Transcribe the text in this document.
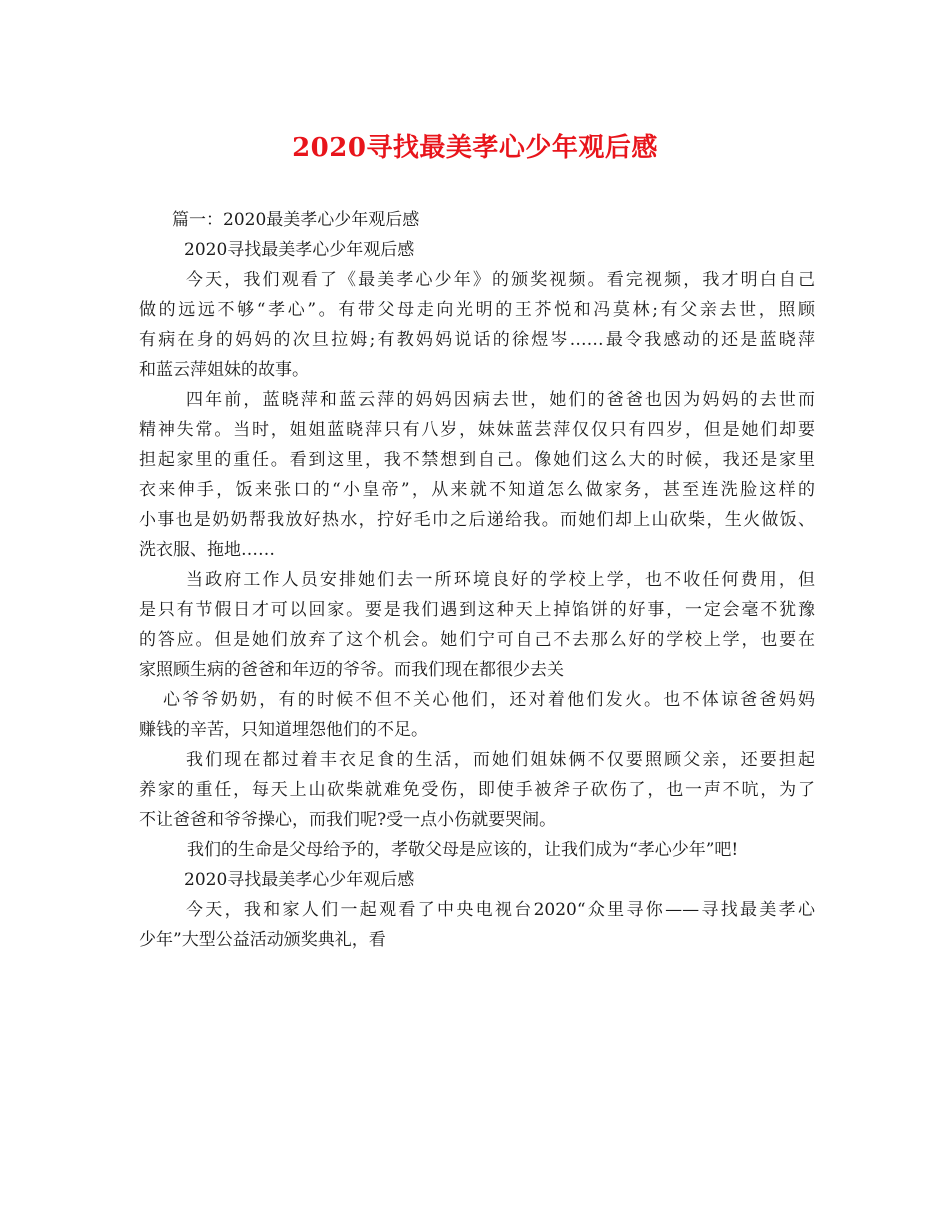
2020寻找最美孝心少年观后感

篇一：2020最美孝心少年观后感

2020寻找最美孝心少年观后感

今天，我们观看了《最美孝心少年》的颁奖视频。看完视频，我才明白自己

做的远远不够“孝心”。有带父母走向光明的王芥悦和冯莫林;有父亲去世，照顾

有病在身的妈妈的次旦拉姆;有教妈妈说话的徐煜岑……最令我感动的还是蓝晓萍

和蓝云萍姐妹的故事。

四年前，蓝晓萍和蓝云萍的妈妈因病去世，她们的爸爸也因为妈妈的去世而

精神失常。当时，姐姐蓝晓萍只有八岁，妹妹蓝芸萍仅仅只有四岁，但是她们却要

担起家里的重任。看到这里，我不禁想到自己。像她们这么大的时候，我还是家里

衣来伸手，饭来张口的“小皇帝”，从来就不知道怎么做家务，甚至连洗脸这样的

小事也是奶奶帮我放好热水，拧好毛巾之后递给我。而她们却上山砍柴，生火做饭、

洗衣服、拖地……

当政府工作人员安排她们去一所环境良好的学校上学，也不收任何费用，但

是只有节假日才可以回家。要是我们遇到这种天上掉馅饼的好事，一定会毫不犹豫

的答应。但是她们放弃了这个机会。她们宁可自己不去那么好的学校上学，也要在

家照顾生病的爸爸和年迈的爷爷。而我们现在都很少去关

心爷爷奶奶，有的时候不但不关心他们，还对着他们发火。也不体谅爸爸妈妈

赚钱的辛苦，只知道埋怨他们的不足。

我们现在都过着丰衣足食的生活，而她们姐妹俩不仅要照顾父亲，还要担起

养家的重任，每天上山砍柴就难免受伤，即使手被斧子砍伤了，也一声不吭，为了

不让爸爸和爷爷操心，而我们呢?受一点小伤就要哭闹。

我们的生命是父母给予的，孝敬父母是应该的，让我们成为“孝心少年”吧!

2020寻找最美孝心少年观后感

今天，我和家人们一起观看了中央电视台2020“众里寻你——寻找最美孝心

少年”大型公益活动颁奖典礼，看
